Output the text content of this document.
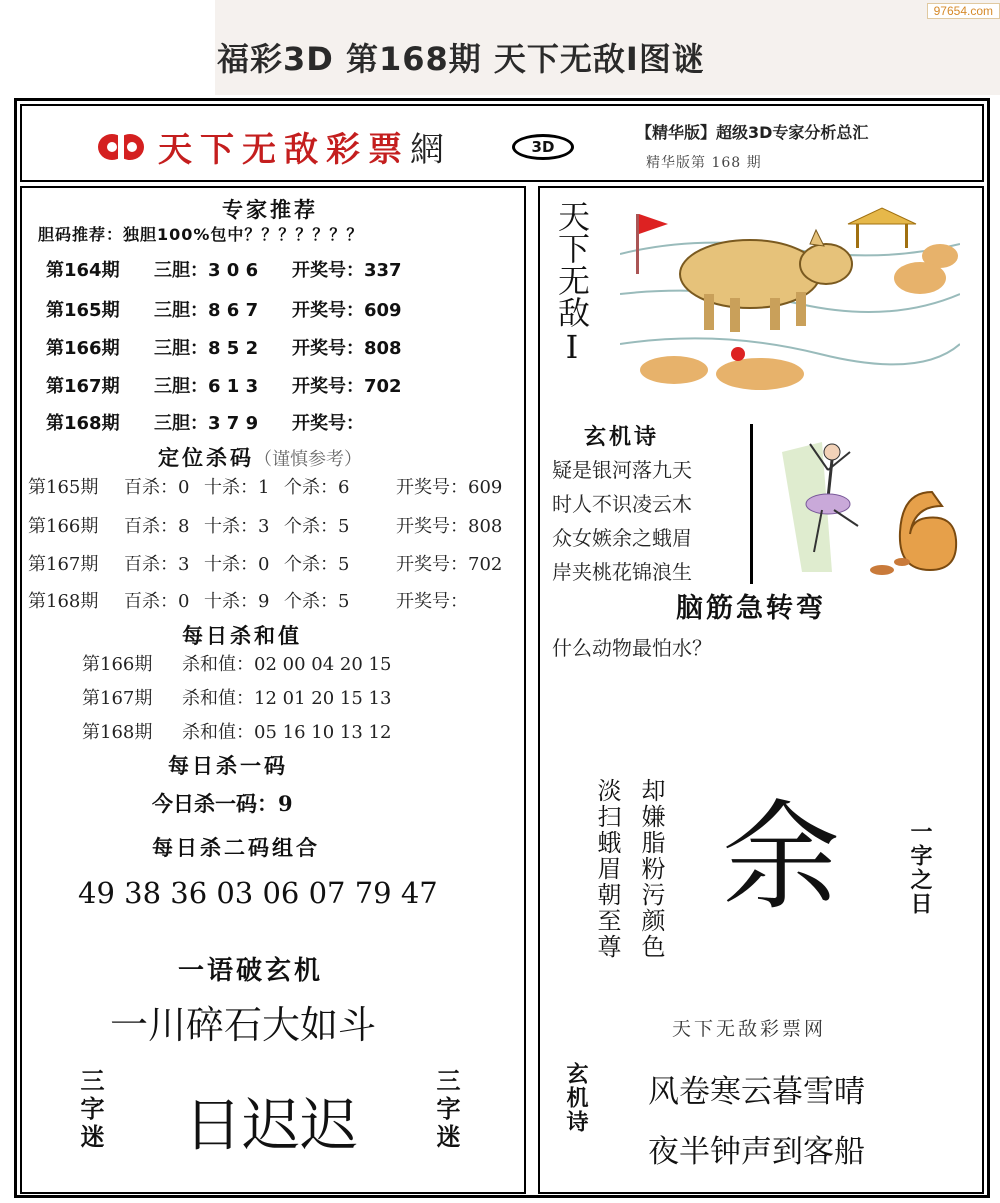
97654.com
福彩3D 第168期 天下无敌Ⅰ图谜
天下无敌彩票網	3D
【精华版】超级3D专家分析总汇
精华版第 168 期
专家推荐
胆码推荐：独胆100%包中？？？？？？？
第164期 三胆：3 0 6 开奖号：337
第165期 三胆：8 6 7 开奖号：609
第166期 三胆：8 5 2 开奖号：808
第167期 三胆：6 1 3 开奖号：702
第168期 三胆：3 7 9 开奖号：
定位杀码（谨慎参考）
第165期 百杀：0 十杀：1 个杀：6	开奖号：609
第166期 百杀：8 十杀：3 个杀：5	开奖号：808
第167期 百杀：3 十杀：0 个杀：5	开奖号：702
第168期 百杀：0 十杀：9 个杀：5	开奖号：
每日杀和值
第166期 杀和值：02 00 04 20 15
第167期 杀和值：12 01 20 15 13
第168期 杀和值：05 16 10 13 12
每日杀一码
今日杀一码：9
每日杀二码组合
49 38 36 03 06 07 79 47
一语破玄机
一川碎石大如斗
三字迷 日迟迟	三字迷
天下无敌Ⅰ
玄机诗
疑是银河落九天
时人不识凌云木
众女嫉余之蛾眉
岸夹桃花锦浪生
脑筋急转弯
什么动物最怕水？
淡扫蛾眉朝至尊 却嫌脂粉污颜色 余	一字之日
天下无敌彩票网
玄机诗 风卷寒云暮雪晴
夜半钟声到客船
